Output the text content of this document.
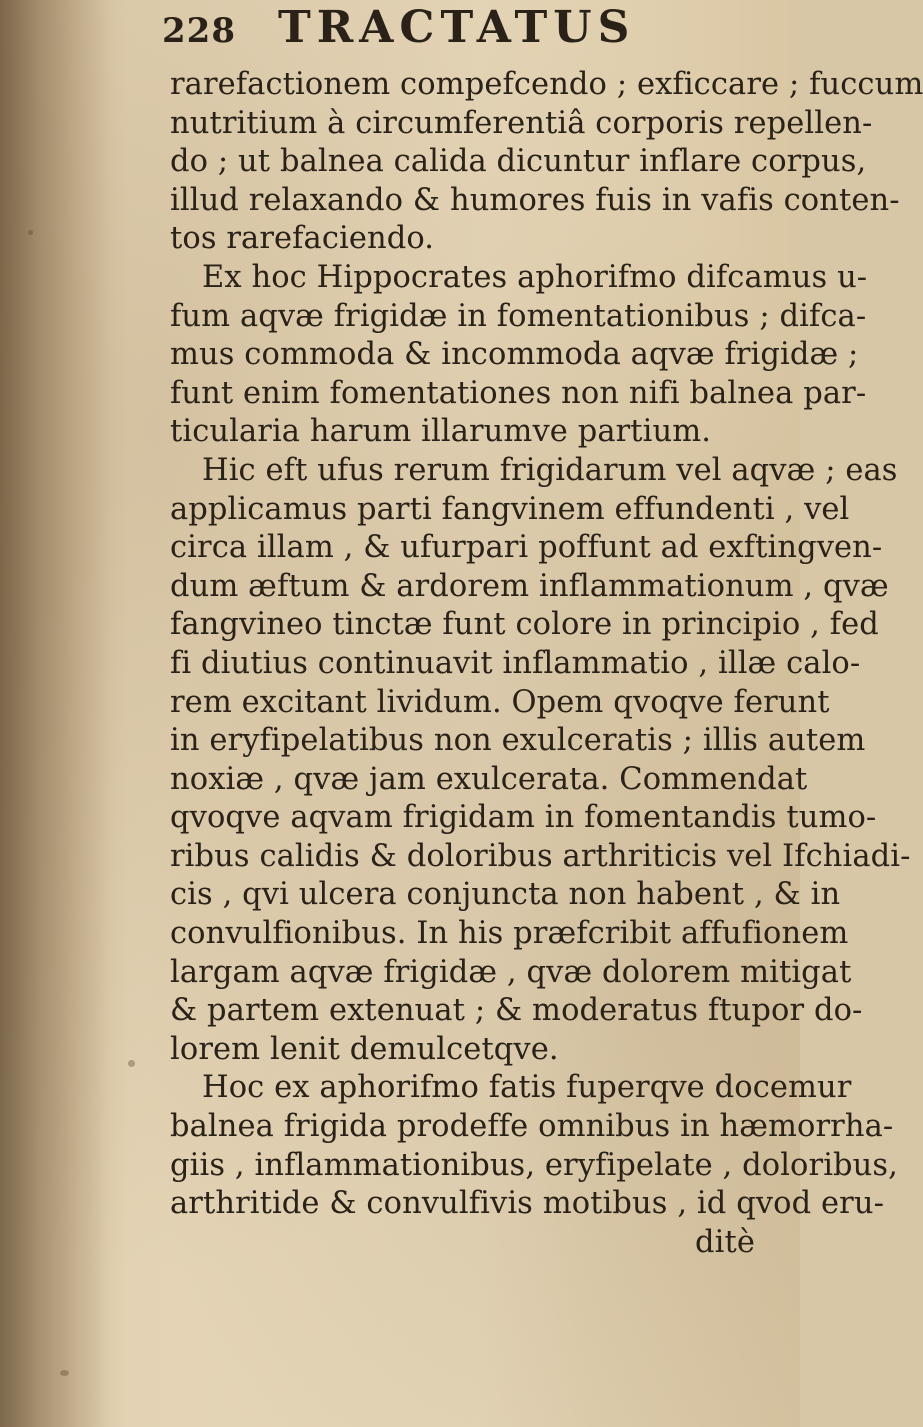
228 TRACTATUS
rarefactionem compefcendo ; exficcare ; fuccum
nutritium à circumferentiâ corporis repellen-
do ; ut balnea calida dicuntur inflare corpus,
illud relaxando & humores fuis in vafis conten-
tos rarefaciendo.
Ex hoc Hippocrates aphorifmo difcamus u-
fum aqvæ frigidæ in fomentationibus ; difca-
mus commoda & incommoda aqvæ frigidæ ;
funt enim fomentationes non nifi balnea par-
ticularia harum illarumve partium.
Hic eft ufus rerum frigidarum vel aqvæ ; eas
applicamus parti fangvinem effundenti , vel
circa illam , & ufurpari poffunt ad exftingven-
dum æftum & ardorem inflammationum , qvæ
fangvineo tinctæ funt colore in principio , fed
fi diutius continuavit inflammatio , illæ calo-
rem excitant lividum. Opem qvoqve ferunt
in eryfipelatibus non exulceratis ; illis autem
noxiæ , qvæ jam exulcerata. Commendat
qvoqve aqvam frigidam in fomentandis tumo-
ribus calidis & doloribus arthriticis vel Ifchiadi-
cis , qvi ulcera conjuncta non habent , & in
convulfionibus. In his præfcribit affufionem
largam aqvæ frigidæ , qvæ dolorem mitigat
& partem extenuat ; & moderatus ftupor do-
lorem lenit demulcetqve.
Hoc ex aphorifmo fatis fuperqve docemur
balnea frigida prodeffe omnibus in hæmorrha-
giis , inflammationibus, eryfipelate , doloribus,
arthritide & convulfivis motibus , id qvod eru-
ditè
